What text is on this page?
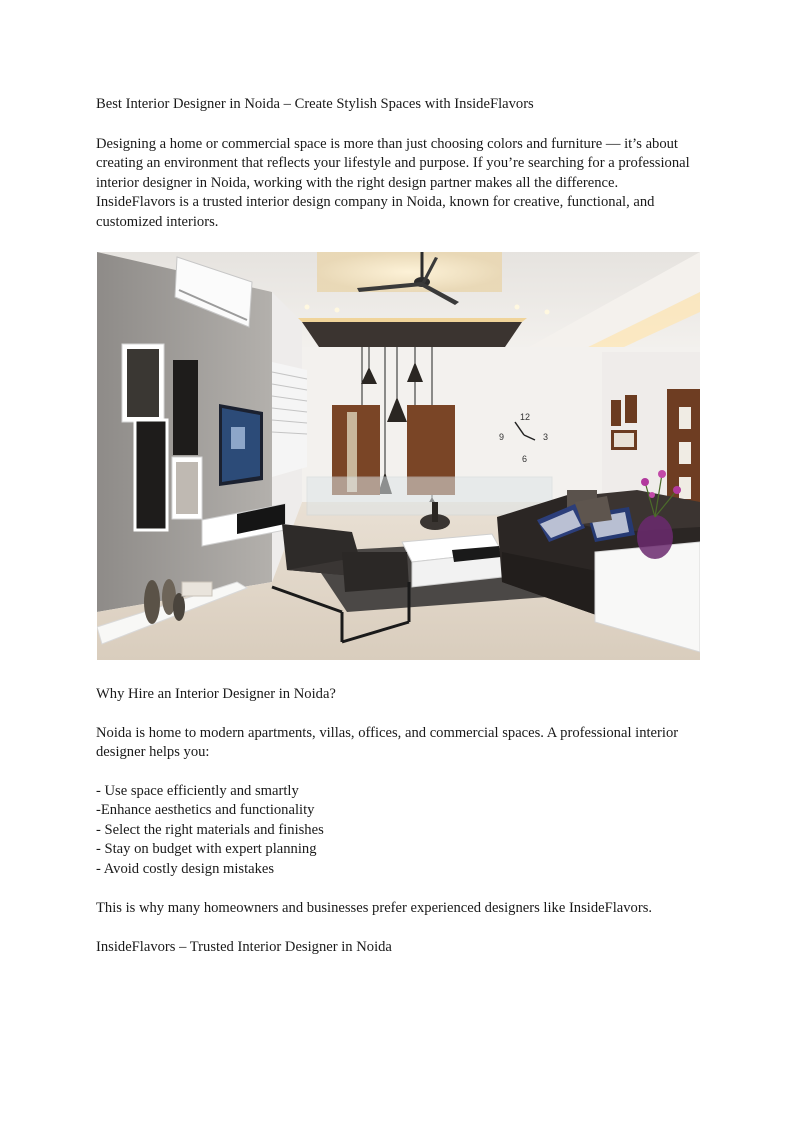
Best Interior Designer in Noida – Create Stylish Spaces with InsideFlavors
Designing a home or commercial space is more than just choosing colors and furniture — it’s about
creating an environment that reflects your lifestyle and purpose. If you’re searching for a professional
interior designer in Noida, working with the right design partner makes all the difference.
InsideFlavors is a trusted interior design company in Noida, known for creative, functional, and
customized interiors.
12
9	3
6
Why Hire an Interior Designer in Noida?
Noida is home to modern apartments, villas, offices, and commercial spaces. A professional interior
designer helps you:
- Use space efficiently and smartly
-Enhance aesthetics and functionality
- Select the right materials and finishes
- Stay on budget with expert planning
- Avoid costly design mistakes
This is why many homeowners and businesses prefer experienced designers like InsideFlavors.
InsideFlavors – Trusted Interior Designer in Noida
